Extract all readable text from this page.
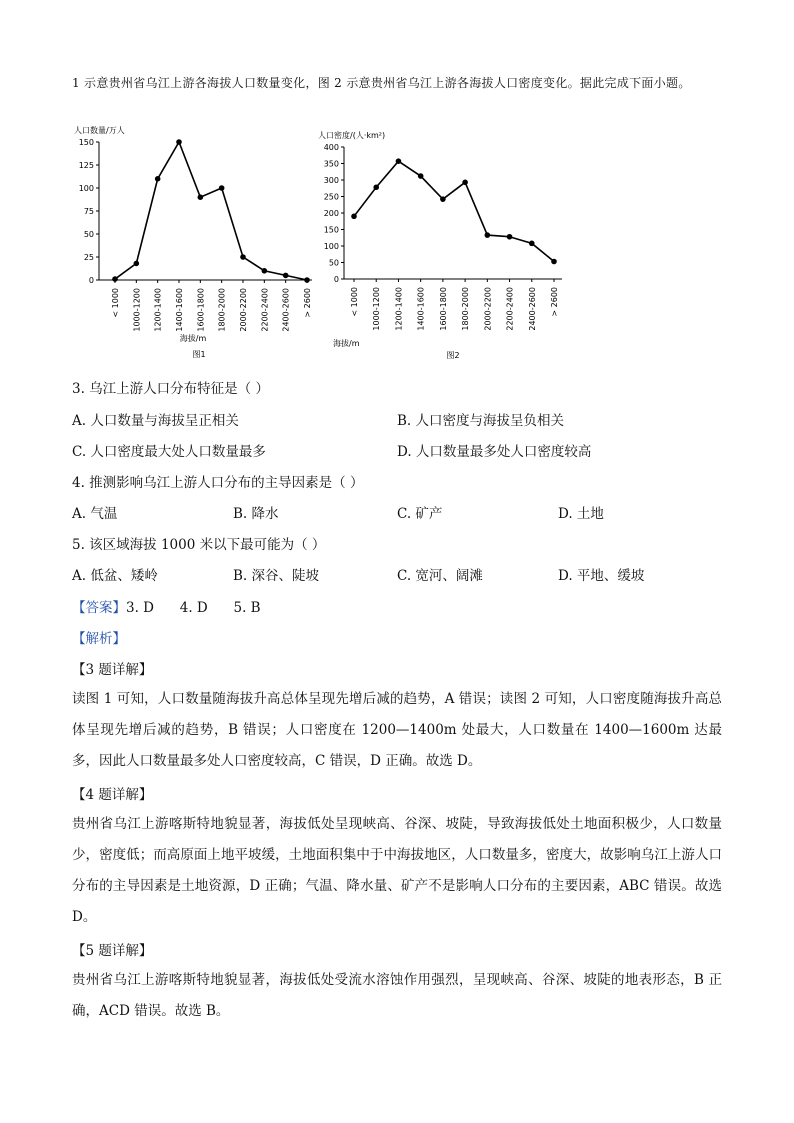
1 示意贵州省乌江上游各海拔人口数量变化，图 2 示意贵州省乌江上游各海拔人口密度变化。据此完成下面小题。
人口数量/万人
0
25
50
75
100
125
150
< 1000 1000-1200 1200-1400 1400-1600 1600-1800 1800-2000 2000-2200 2200-2400 2400-2600 > 2600
海拔/m
图1
人口密度/(人·km²)
0
50
100
150
200
250
300
350
400
< 1000 1000-1200 1200-1400 1400-1600 1600-1800 1800-2000 2000-2200 2200-2400 2400-2600 > 2600
海拔/m
图2
3. 乌江上游人口分布特征是（ ）
A. 人口数量与海拔呈正相关	B. 人口密度与海拔呈负相关
C. 人口密度最大处人口数量最多	D. 人口数量最多处人口密度较高
4. 推测影响乌江上游人口分布的主导因素是（ ）
A. 气温	B. 降水	C. 矿产	D. 土地
5. 该区域海拔 1000 米以下最可能为（ ）
A. 低盆、矮岭	B. 深谷、陡坡	C. 宽河、阔滩	D. 平地、缓坡
【答案】3. D      4. D      5. B
【解析】
【3 题详解】
读图 1 可知，人口数量随海拔升高总体呈现先增后减的趋势，A 错误；读图 2 可知，人口密度随海拔升高总体呈现先增后减的趋势，B 错误；人口密度在 1200—1400m 处最大，人口数量在 1400—1600m 达最多，因此人口数量最多处人口密度较高，C 错误，D 正确。故选 D。
【4 题详解】
贵州省乌江上游喀斯特地貌显著，海拔低处呈现峡高、谷深、坡陡，导致海拔低处土地面积极少，人口数量少，密度低；而高原面上地平坡缓，土地面积集中于中海拔地区，人口数量多，密度大，故影响乌江上游人口分布的主导因素是土地资源，D 正确；气温、降水量、矿产不是影响人口分布的主要因素，ABC 错误。故选 D。
【5 题详解】
贵州省乌江上游喀斯特地貌显著，海拔低处受流水溶蚀作用强烈，呈现峡高、谷深、坡陡的地表形态，B 正确，ACD 错误。故选 B。
